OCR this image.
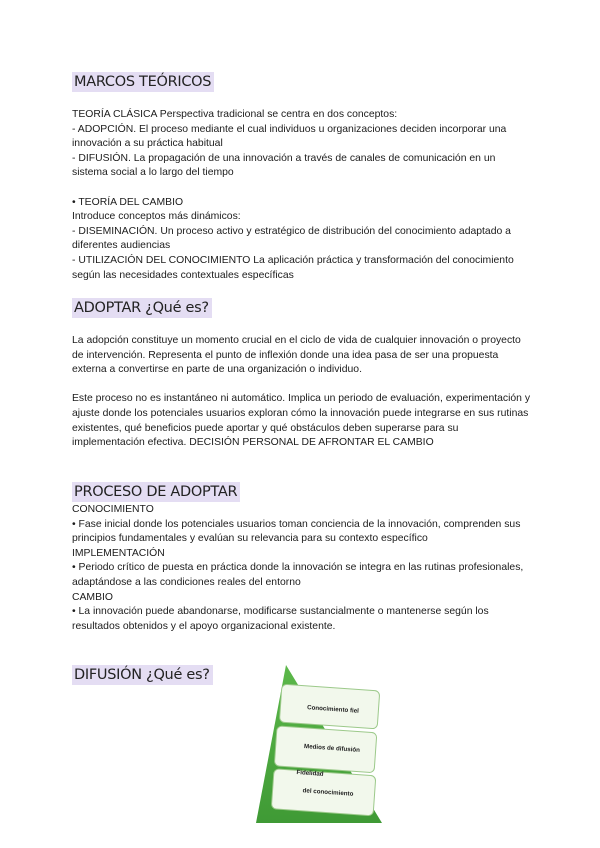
MARCOS TEÓRICOS

TEORÍA CLÁSICA Perspectiva tradicional se centra en dos conceptos:

- ADOPCIÓN. El proceso mediante el cual individuos u organizaciones deciden incorporar una innovación a su práctica habitual

- DIFUSIÓN. La propagación de una innovación a través de canales de comunicación en un sistema social a lo largo del tiempo

• TEORÍA DEL CAMBIO

Introduce conceptos más dinámicos:

- DISEMINACIÓN. Un proceso activo y estratégico de distribución del conocimiento adaptado a diferentes audiencias

- UTILIZACIÓN DEL CONOCIMIENTO La aplicación práctica y transformación del conocimiento según las necesidades contextuales específicas

ADOPTAR ¿Qué es?

La adopción constituye un momento crucial en el ciclo de vida de cualquier innovación o proyecto de intervención. Representa el punto de inflexión donde una idea pasa de ser una propuesta externa a convertirse en parte de una organización o individuo.

Este proceso no es instantáneo ni automático. Implica un periodo de evaluación, experimentación y ajuste donde los potenciales usuarios exploran cómo la innovación puede integrarse en sus rutinas existentes, qué beneficios puede aportar y qué obstáculos deben superarse para su implementación efectiva. DECISIÓN PERSONAL DE AFRONTAR EL CAMBIO

PROCESO DE ADOPTAR

CONOCIMIENTO

• Fase inicial donde los potenciales usuarios toman conciencia de la innovación, comprenden sus principios fundamentales y evalúan su relevancia para su contexto específico

IMPLEMENTACIÓN

• Periodo crítico de puesta en práctica donde la innovación se integra en las rutinas profesionales, adaptándose a las condiciones reales del entorno

CAMBIO

• La innovación puede abandonarse, modificarse sustancialmente o mantenerse según los resultados obtenidos y el apoyo organizacional existente.

DIFUSIÓN ¿Qué es?
Conocimiento fiel
Medios de difusión
Fidelidad
del conocimiento
